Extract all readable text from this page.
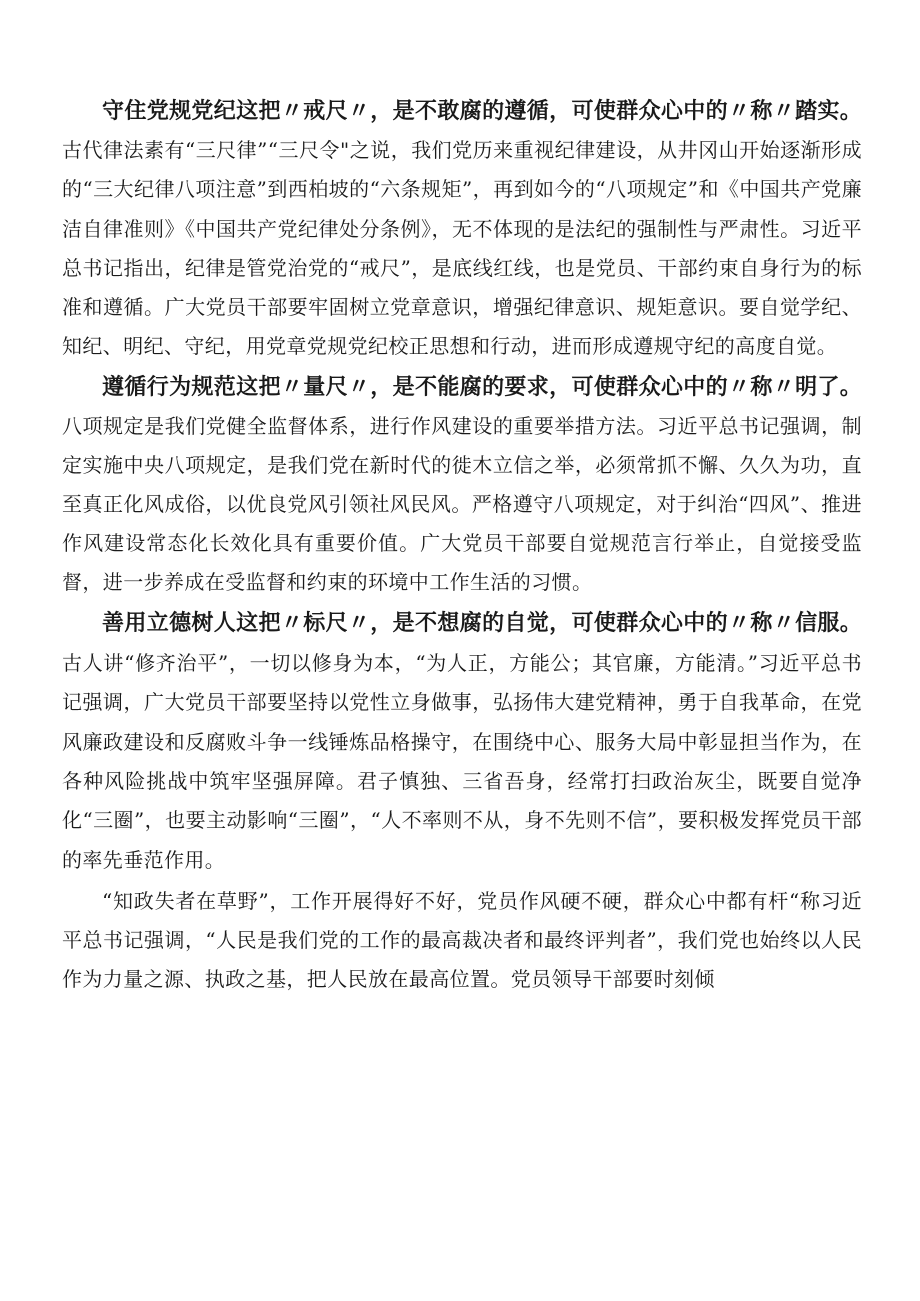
守住党规党纪这把〃戒尺〃，是不敢腐的遵循，可使群众心中的〃称〃踏实。古代律法素有“三尺律”“三尺令"之说，我们党历来重视纪律建设，从井冈山开始逐渐形成的“三大纪律八项注意”到西柏坡的“六条规矩”，再到如今的“八项规定”和《中国共产党廉洁自律准则》《中国共产党纪律处分条例》，无不体现的是法纪的强制性与严肃性。习近平总书记指出，纪律是管党治党的“戒尺”，是底线红线，也是党员、干部约束自身行为的标准和遵循。广大党员干部要牢固树立党章意识，增强纪律意识、规矩意识。要自觉学纪、知纪、明纪、守纪，用党章党规党纪校正思想和行动，进而形成遵规守纪的高度自觉。

遵循行为规范这把〃量尺〃，是不能腐的要求，可使群众心中的〃称〃明了。八项规定是我们党健全监督体系，进行作风建设的重要举措方法。习近平总书记强调，制定实施中央八项规定，是我们党在新时代的徙木立信之举，必须常抓不懈、久久为功，直至真正化风成俗，以优良党风引领社风民风。严格遵守八项规定，对于纠治“四风”、推进作风建设常态化长效化具有重要价值。广大党员干部要自觉规范言行举止，自觉接受监督，进一步养成在受监督和约束的环境中工作生活的习惯。

善用立德树人这把〃标尺〃，是不想腐的自觉，可使群众心中的〃称〃信服。古人讲“修齐治平”，一切以修身为本，“为人正，方能公；其官廉，方能清。”习近平总书记强调，广大党员干部要坚持以党性立身做事，弘扬伟大建党精神，勇于自我革命，在党风廉政建设和反腐败斗争一线锤炼品格操守，在围绕中心、服务大局中彰显担当作为，在各种风险挑战中筑牢坚强屏障。君子慎独、三省吾身，经常打扫政治灰尘，既要自觉净化“三圈”，也要主动影响“三圈”，“人不率则不从，身不先则不信”，要积极发挥党员干部的率先垂范作用。

“知政失者在草野”，工作开展得好不好，党员作风硬不硬，群众心中都有杆“称习近平总书记强调，“人民是我们党的工作的最高裁决者和最终评判者”，我们党也始终以人民作为力量之源、执政之基，把人民放在最高位置。党员领导干部要时刻倾
